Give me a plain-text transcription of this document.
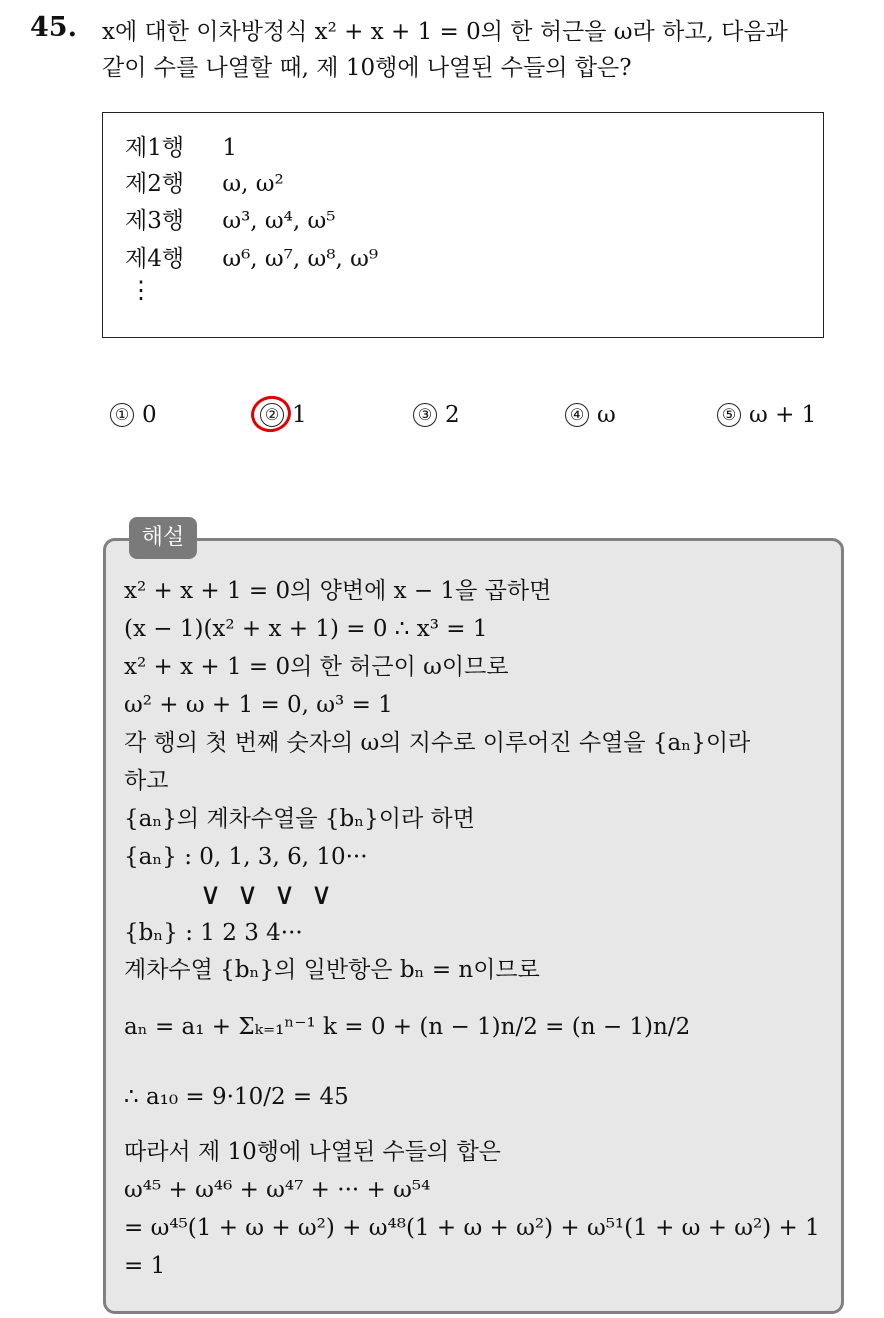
45. x에 대한 이차방정식 x² + x + 1 = 0의 한 허근을 ω라 하고, 다음과
같이 수를 나열할 때, 제 10행에 나열된 수들의 합은?
제1행 1
제2행 ω, ω²
제3행 ω³, ω⁴, ω⁵
제4행 ω⁶, ω⁷, ω⁸, ω⁹
⋮
① 0	② 1	③ 2	④ ω	⑤ ω + 1
해설
x² + x + 1 = 0의 양변에 x − 1을 곱하면
(x − 1)(x² + x + 1) = 0 ∴ x³ = 1
x² + x + 1 = 0의 한 허근이 ω이므로
ω² + ω + 1 = 0, ω³ = 1
각 행의 첫 번째 숫자의 ω의 지수로 이루어진 수열을 {aₙ}이라
하고
{aₙ}의 계차수열을 {bₙ}이라 하면
{aₙ} : 0, 1, 3, 6, 10···
∨ ∨ ∨ ∨
{bₙ} : 1 2 3 4···
계차수열 {bₙ}의 일반항은 bₙ = n이므로
aₙ = a₁ + Σₖ₌₁ⁿ⁻¹ k = 0 + (n − 1)n/2 = (n − 1)n/2
∴ a₁₀ = 9·10/2 = 45
따라서 제 10행에 나열된 수들의 합은
ω⁴⁵ + ω⁴⁶ + ω⁴⁷ + ··· + ω⁵⁴
= ω⁴⁵(1 + ω + ω²) + ω⁴⁸(1 + ω + ω²) + ω⁵¹(1 + ω + ω²) + 1
= 1
